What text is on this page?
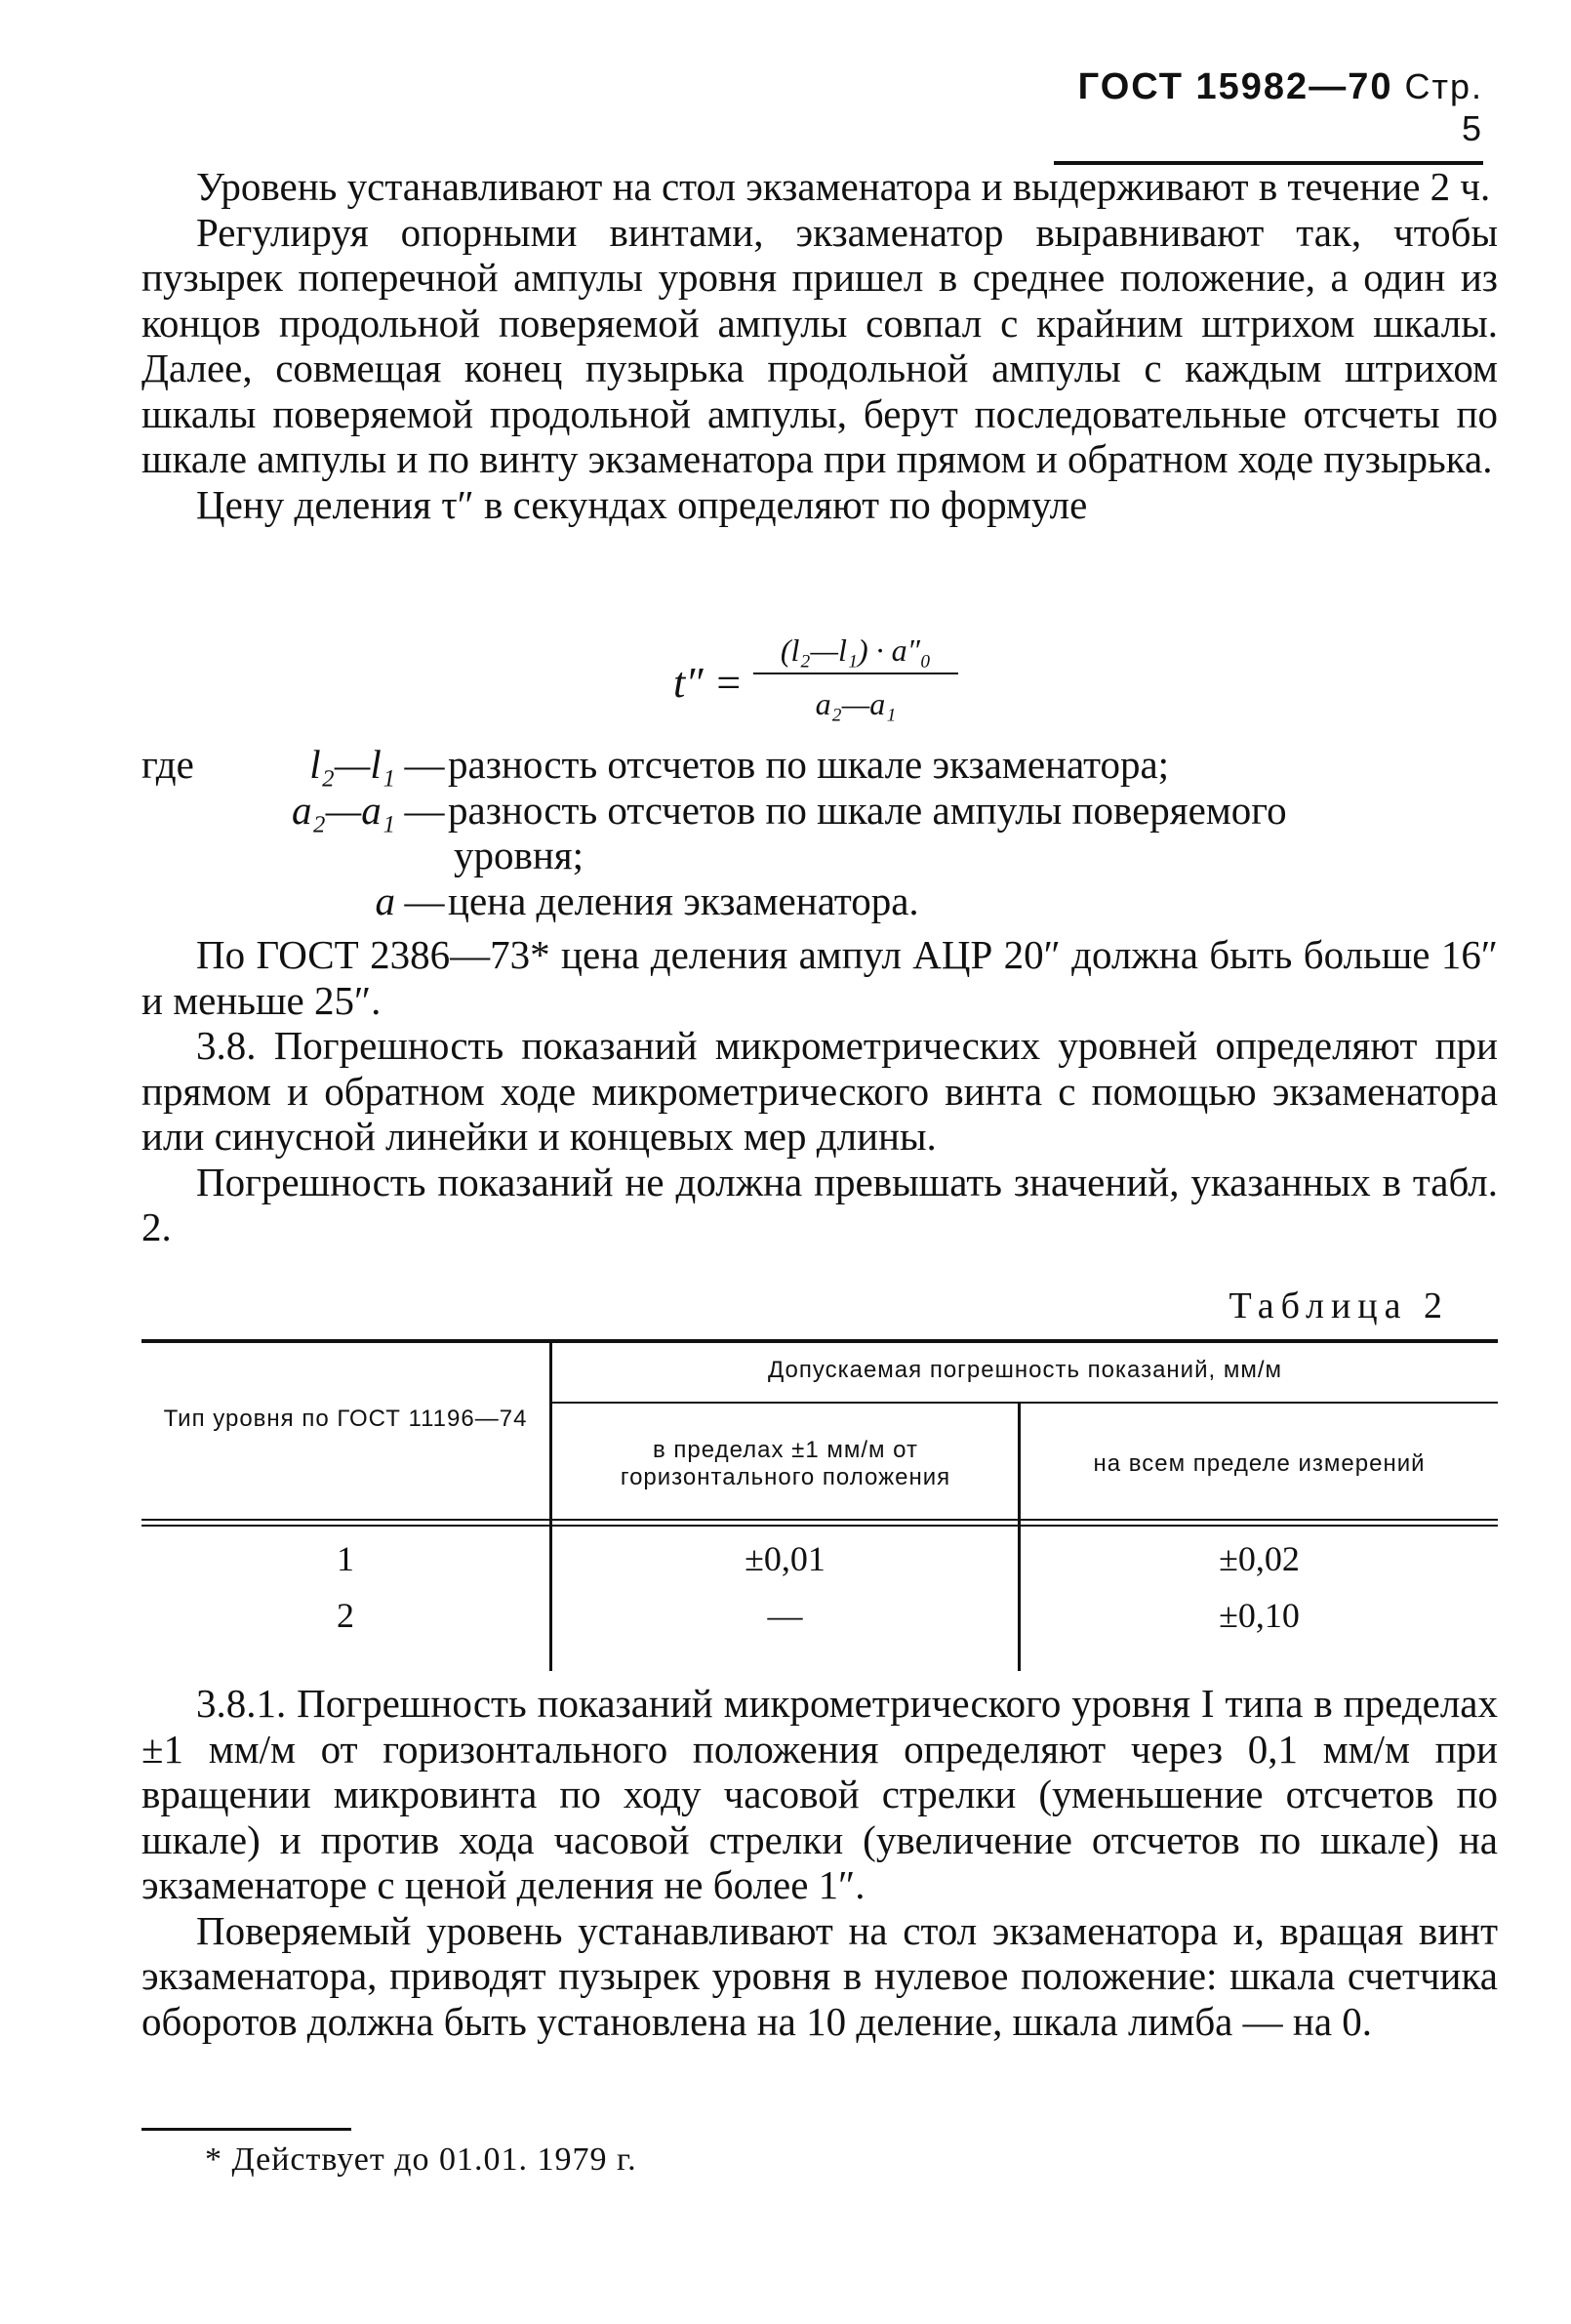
ГОСТ 15982—70 Стр. 5

Уровень устанавливают на стол экзаменатора и выдерживают в течение 2 ч.

Регулируя опорными винтами, экзаменатор выравнивают так, чтобы пузырек поперечной ампулы уровня пришел в среднее положение, а один из концов продольной поверяемой ампулы совпал с крайним штрихом шкалы. Далее, совмещая конец пузырька продольной ампулы с каждым штрихом шкалы поверяемой продольной ампулы, берут последовательные отсчеты по шкале ампулы и по винту экзаменатора при прямом и обратном ходе пузырька.

Цену деления τ″ в секундах определяют по формуле

$t'' = \frac{\text{(l₂—l₁) · a″₀}}{\text{a₂—a₁}}$
где	l₂—l₁ —разность отсчетов по шкале экзаменатора;
a₂—a₁ —разность отсчетов по шкале ампулы поверяемого
уровня;
a —цена деления экзаменатора.

По ГОСТ 2386—73* цена деления ампул АЦР 20″ должна быть больше 16″ и меньше 25″.

3.8. Погрешность показаний микрометрических уровней определяют при прямом и обратном ходе микрометрического винта с помощью экзаменатора или синусной линейки и концевых мер длины.

Погрешность показаний не должна превышать значений, указанных в табл. 2.

Таблица 2
Тип уровня по ГОСТ 11196—74
Допускаемая погрешность показаний, мм/м
в пределах ±1 мм/м от горизонтального положения
на всем пределе измерений
1	±0,01	±0,02
2	—	±0,10

3.8.1. Погрешность показаний микрометрического уровня I типа в пределах ±1 мм/м от горизонтального положения определяют через 0,1 мм/м при вращении микровинта по ходу часовой стрелки (уменьшение отсчетов по шкале) и против хода часовой стрелки (увеличение отсчетов по шкале) на экзаменаторе с ценой деления не более 1″.

Поверяемый уровень устанавливают на стол экзаменатора и, вращая винт экзаменатора, приводят пузырек уровня в нулевое положение: шкала счетчика оборотов должна быть установлена на 10 деление, шкала лимба — на 0.

* Действует до 01.01. 1979 г.
